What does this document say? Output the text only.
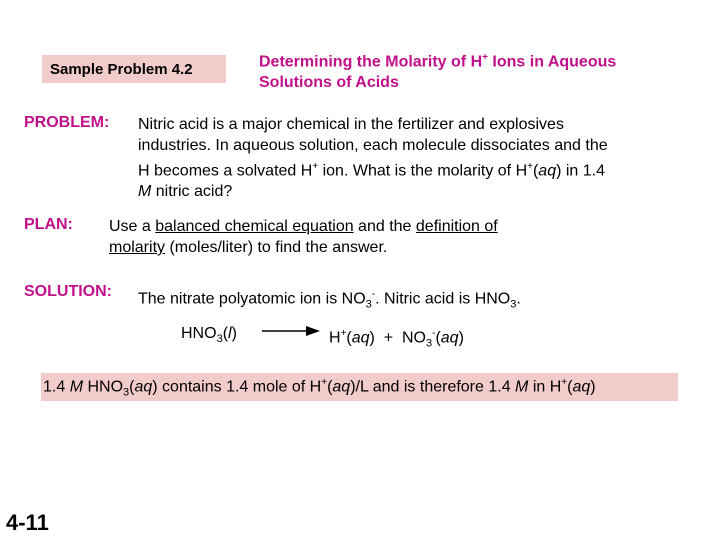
Sample Problem 4.2	Determining the Molarity of H+ Ions in Aqueous
Solutions of Acids
PROBLEM: Nitric acid is a major chemical in the fertilizer and explosives
industries. In aqueous solution, each molecule dissociates and the
H becomes a solvated H+ ion. What is the molarity of H+(aq) in 1.4
M nitric acid?
PLAN: Use a balanced chemical equation and the definition of
molarity (moles/liter) to find the answer.
SOLUTION: The nitrate polyatomic ion is $NO_3^-$. Nitric acid is $HNO_3$.
$HNO_3(l) \to H^+(aq) + NO_3^-(aq)$
1.4 M $HNO_3(aq)$ contains 1.4 mole of H+(aq)/L and is therefore 1.4 M in H+(aq)
4-11
